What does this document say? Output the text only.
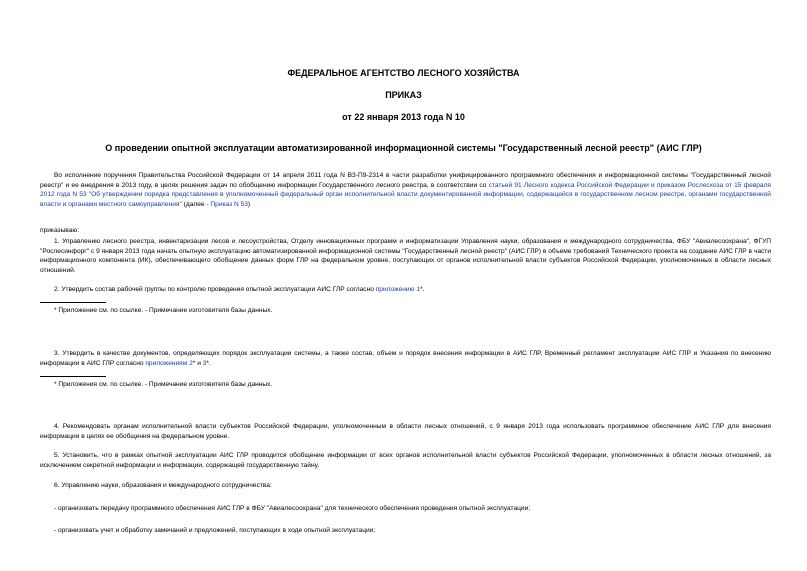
ФЕДЕРАЛЬНОЕ АГЕНТСТВО ЛЕСНОГО ХОЗЯЙСТВА
ПРИКАЗ
от 22 января 2013 года N 10
О проведении опытной эксплуатации автоматизированной информационной системы "Государственный лесной реестр" (АИС ГЛР)
Во исполнение поручения Правительства Российской Федерации от 14 апреля 2011 года N ВЗ-П9-2314 в части разработки унифицированного программного обеспечения и информационной системы "Государственный лесной реестр" и ее внедрения в 2013 году, в целях решения задач по обобщению информации Государственного лесного реестра, в соответствии со статьей 91 Лесного кодекса Российской Федерации и приказом Рослесхоза от 15 февраля 2012 года N 53 "Об утверждении порядка представления в уполномоченный федеральный орган исполнительной власти документированной информации, содержащейся в государственном лесном реестре, органами государственной власти и органами местного самоуправления" (далее - Приказ N 53)
приказываю:
1. Управлению лесного реестра, инвентаризации лесов и лесоустройства, Отделу инновационных программ и информатизации Управления науки, образования и международного сотрудничества, ФБУ "Авиалесоохрана", ФГУП "Рослесинфорг" с 9 января 2013 года начать опытную эксплуатацию автоматизированной информационной системы "Государственный лесной реестр" (АИС ГЛР) в объеме требований Технического проекта на создание АИС ГЛР в части информационного компонента (ИК), обеспечивающего обобщение данных форм ГЛР на федеральном уровне, поступающих от органов исполнительной власти субъектов Российской Федерации, уполномоченных в области лесных отношений.
2. Утвердить состав рабочей группы по контролю проведения опытной эксплуатации АИС ГЛР согласно приложению 1*.
* Приложение см. по ссылке. - Примечание изготовителя базы данных.
3. Утвердить в качестве документов, определяющих порядок эксплуатации системы, а также состав, объем и порядок внесения информации в АИС ГЛР, Временный регламент эксплуатации АИС ГЛР и Указания по внесению информации в АИС ГЛР согласно приложениям 2* и 3*.
* Приложения см. по ссылке. - Примечание изготовителя базы данных.
4. Рекомендовать органам исполнительной власти субъектов Российской Федерации, уполномоченным в области лесных отношений, с 9 января 2013 года использовать программное обеспечение АИС ГЛР для внесения информации в целях ее обобщения на федеральном уровне.
5. Установить, что в рамках опытной эксплуатации АИС ГЛР проводится обобщение информации от всех органов исполнительной власти субъектов Российской Федерации, уполномоченных в области лесных отношений, за исключением секретной информации и информации, содержащей государственную тайну.
6. Управлению науки, образования и международного сотрудничества:
- организовать передачу программного обеспечения АИС ГЛР в ФБУ "Авиалесоохрана" для технического обеспечения проведения опытной эксплуатации;
- организовать учет и обработку замечаний и предложений, поступающих в ходе опытной эксплуатации;
